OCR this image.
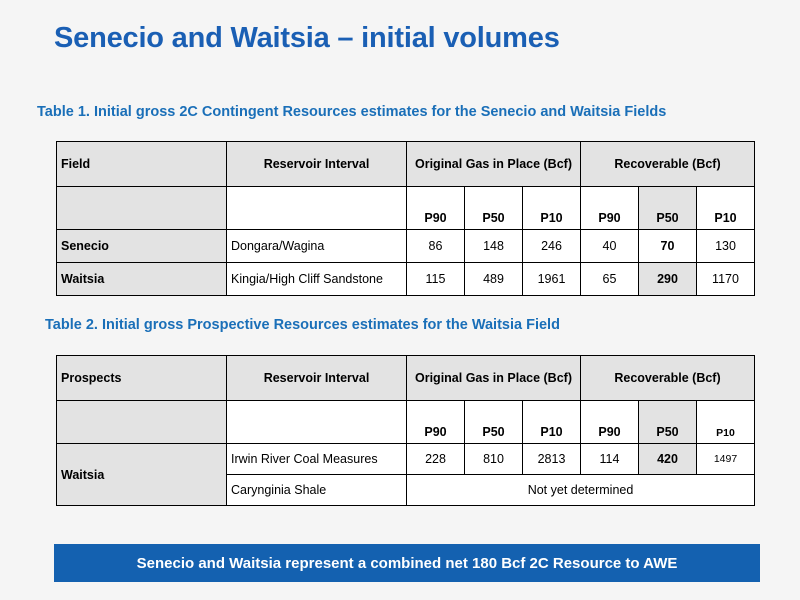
Senecio and Waitsia – initial volumes

Table 1. Initial gross 2C Contingent Resources estimates for the Senecio and Waitsia Fields

Field	Reservoir Interval	Original Gas in Place (Bcf)			Recoverable (Bcf)		
		P90	P50	P10	P90	P50	P10
Senecio	Dongara/Wagina	86	148	246	40	70	130
Waitsia	Kingia/High Cliff Sandstone	115	489	1961	65	290	1170

Table 2. Initial gross Prospective Resources estimates for the Waitsia Field

Prospects	Reservoir Interval	Original Gas in Place (Bcf)			Recoverable (Bcf)		
		P90	P50	P10	P90	P50	P10
Waitsia	Irwin River Coal Measures	228	810	2813	114	420	1497
	Carynginia Shale	Not yet determined					
Senecio and Waitsia represent a combined net 180 Bcf 2C Resource to AWE
